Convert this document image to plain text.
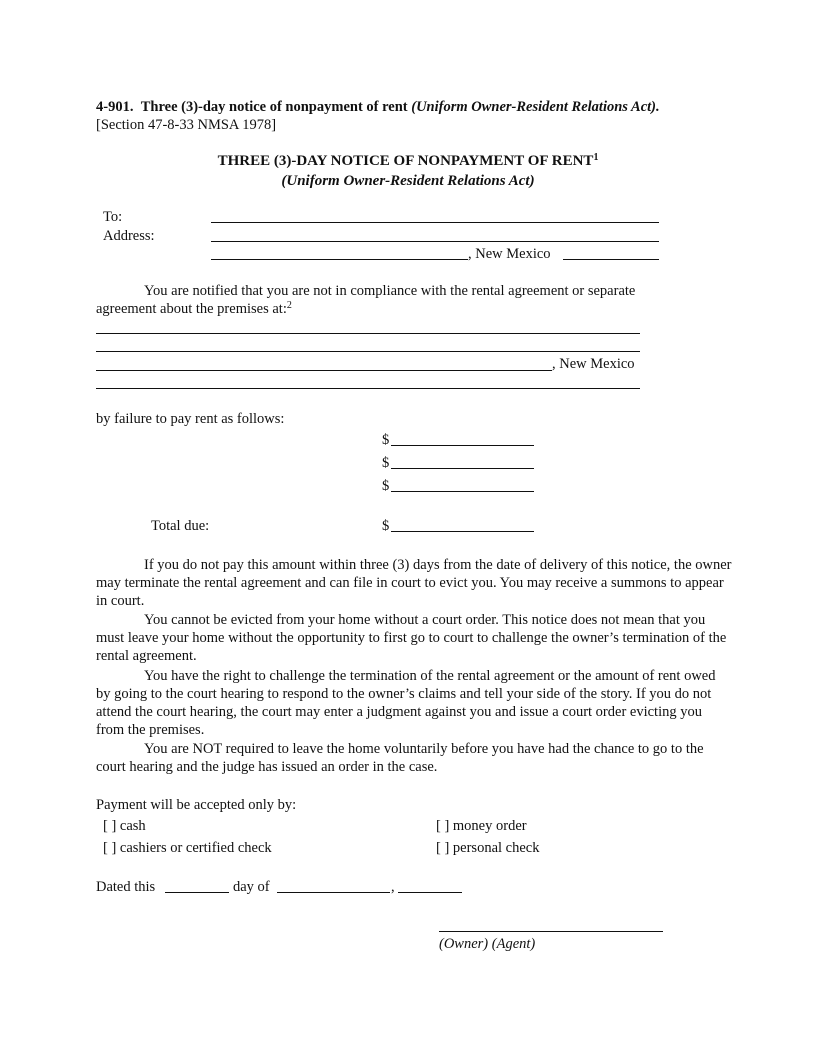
4-901. Three (3)-day notice of nonpayment of rent (Uniform Owner-Resident Relations Act).
[Section 47-8-33 NMSA 1978]
THREE (3)-DAY NOTICE OF NONPAYMENT OF RENT$^1$
(Uniform Owner-Resident Relations Act)
To:
Address:
, New Mexico
You are notified that you are not in compliance with the rental agreement or separate
agreement about the premises at:$^2$
, New Mexico
by failure to pay rent as follows:
$
$
$
Total due:	$
If you do not pay this amount within three (3) days from the date of delivery of this notice, the owner may terminate the rental agreement and can file in court to evict you. You may receive a summons to appear in court.
You cannot be evicted from your home without a court order. This notice does not mean that you must leave your home without the opportunity to first go to court to challenge the owner’s termination of the rental agreement.
You have the right to challenge the termination of the rental agreement or the amount of rent owed by going to the court hearing to respond to the owner’s claims and tell your side of the story. If you do not attend the court hearing, the court may enter a judgment against you and issue a court order evicting you from the premises.
You are NOT required to leave the home voluntarily before you have had the chance to go to the court hearing and the judge has issued an order in the case.
Payment will be accepted only by:
[ ] cash	[ ] money order
[ ] cashiers or certified check	[ ] personal check
Dated this	day of	,
(Owner) (Agent)
